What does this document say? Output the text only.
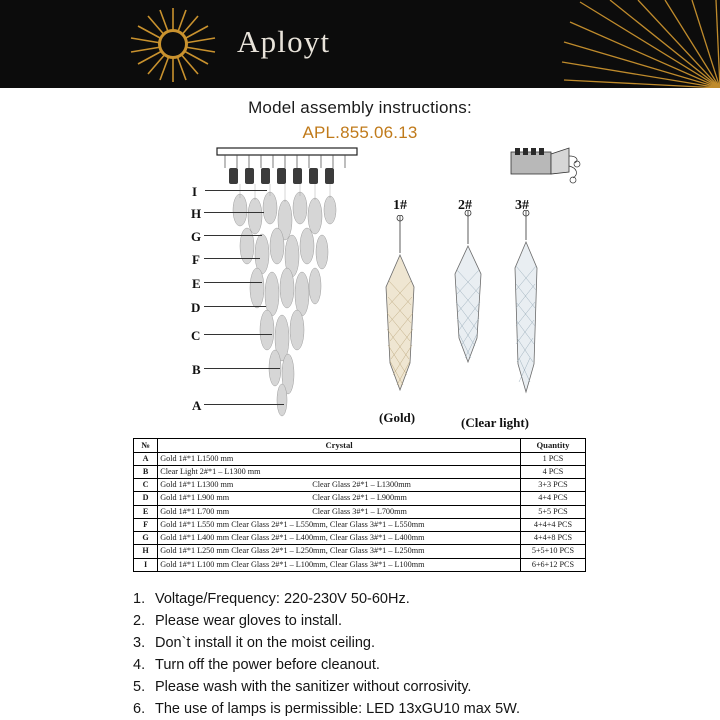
Aployt
Model assembly instructions:
APL.855.06.13
I
H
G
F
E
D
C
B
A
1#	2#	3#
(Gold)	(Clear light)
№	Crystal	Quantity
A	Gold 1#*1 L1500 mm	1 PCS
B	Clear Light 2#*1 – L1300 mm	4 PCS
C	Gold 1#*1 L1300 mm Clear Glass 2#*1 – L1300mm	3+3 PCS
D	Gold 1#*1 L900 mm Clear Glass 2#*1 – L900mm	4+4 PCS
E	Gold 1#*1 L700 mm Clear Glass 3#*1 – L700mm	5+5 PCS
F	Gold 1#*1 L550 mm Clear Glass 2#*1 – L550mm, Clear Glass 3#*1 – L550mm	4+4+4 PCS
G	Gold 1#*1 L400 mm Clear Glass 2#*1 – L400mm, Clear Glass 3#*1 – L400mm	4+4+8 PCS
H	Gold 1#*1 L250 mm Clear Glass 2#*1 – L250mm, Clear Glass 3#*1 – L250mm	5+5+10 PCS
I	Gold 1#*1 L100 mm Clear Glass 2#*1 – L100mm, Clear Glass 3#*1 – L100mm	6+6+12 PCS
1. Voltage/Frequency: 220-230V 50-60Hz.
2. Please wear gloves to install.
3. Don`t install it on the moist ceiling.
4. Turn off the power before cleanout.
5. Please wash with the sanitizer without corrosivity.
6. The use of lamps is permissible: LED 13xGU10 max 5W.
